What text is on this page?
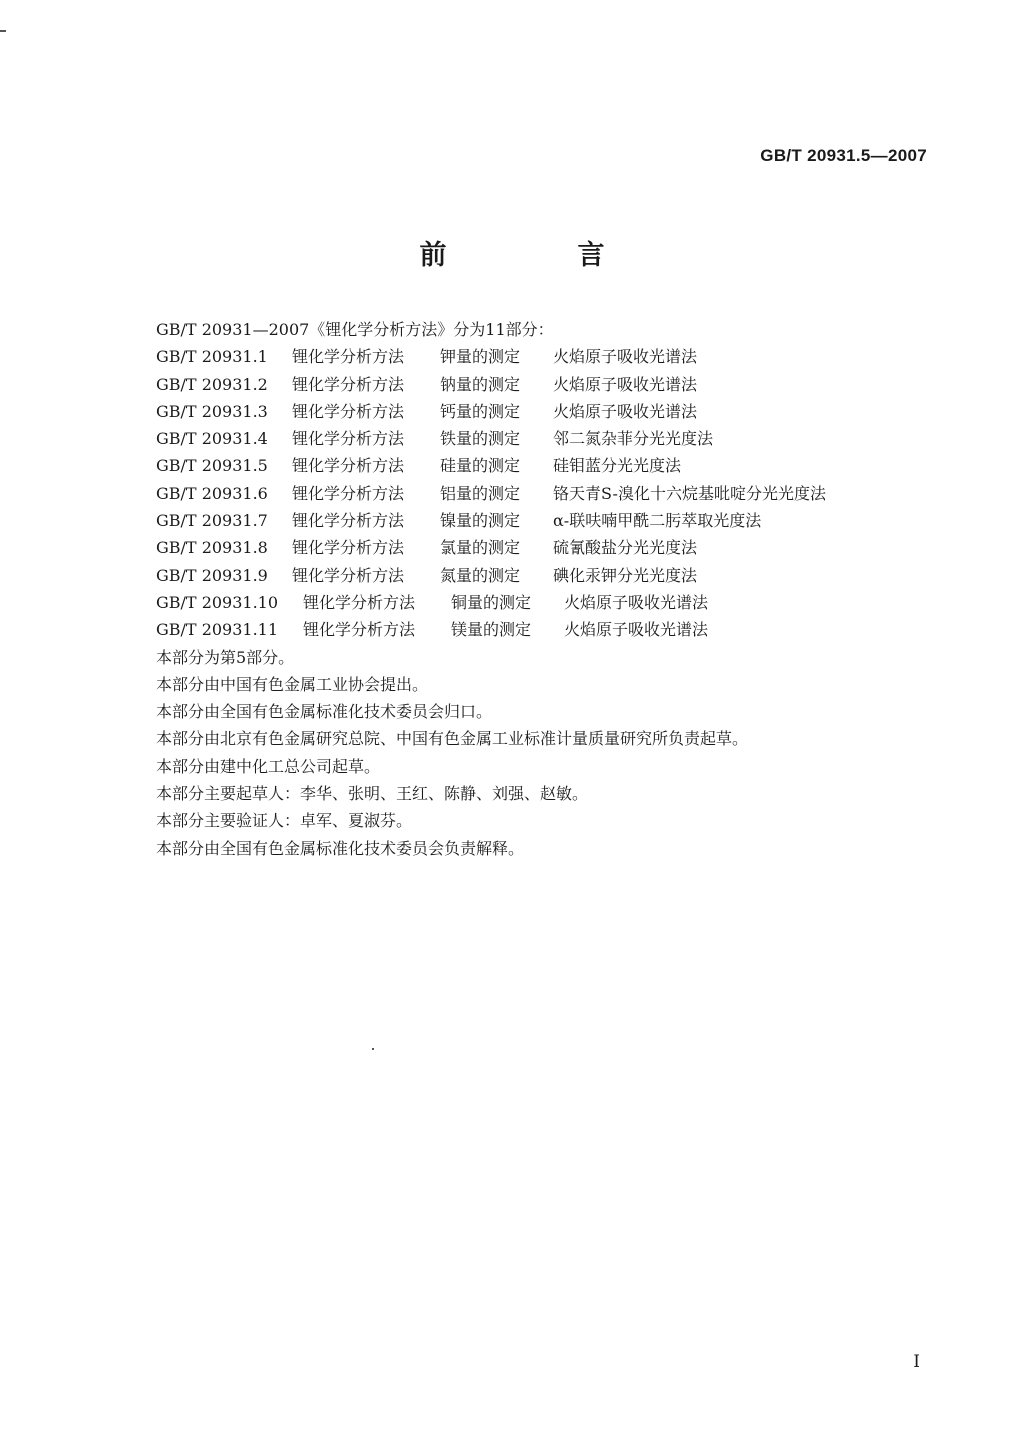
GB/T 20931.5—2007
前　言
GB/T 20931—2007《锂化学分析方法》分为11部分：
GB/T 20931.1	锂化学分析方法	钾量的测定	火焰原子吸收光谱法
GB/T 20931.2	锂化学分析方法	钠量的测定	火焰原子吸收光谱法
GB/T 20931.3	锂化学分析方法	钙量的测定	火焰原子吸收光谱法
GB/T 20931.4	锂化学分析方法	铁量的测定	邻二氮杂菲分光光度法
GB/T 20931.5	锂化学分析方法	硅量的测定	硅钼蓝分光光度法
GB/T 20931.6	锂化学分析方法	铝量的测定	铬天青S-溴化十六烷基吡啶分光光度法
GB/T 20931.7	锂化学分析方法	镍量的测定	α-联呋喃甲酰二肟萃取光度法
GB/T 20931.8	锂化学分析方法	氯量的测定	硫氰酸盐分光光度法
GB/T 20931.9	锂化学分析方法	氮量的测定	碘化汞钾分光光度法
GB/T 20931.10	锂化学分析方法	铜量的测定	火焰原子吸收光谱法
GB/T 20931.11	锂化学分析方法	镁量的测定	火焰原子吸收光谱法
本部分为第5部分。
本部分由中国有色金属工业协会提出。
本部分由全国有色金属标准化技术委员会归口。
本部分由北京有色金属研究总院、中国有色金属工业标准计量质量研究所负责起草。
本部分由建中化工总公司起草。
本部分主要起草人：李华、张明、王红、陈静、刘强、赵敏。
本部分主要验证人：卓军、夏淑芬。
本部分由全国有色金属标准化技术委员会负责解释。
I
